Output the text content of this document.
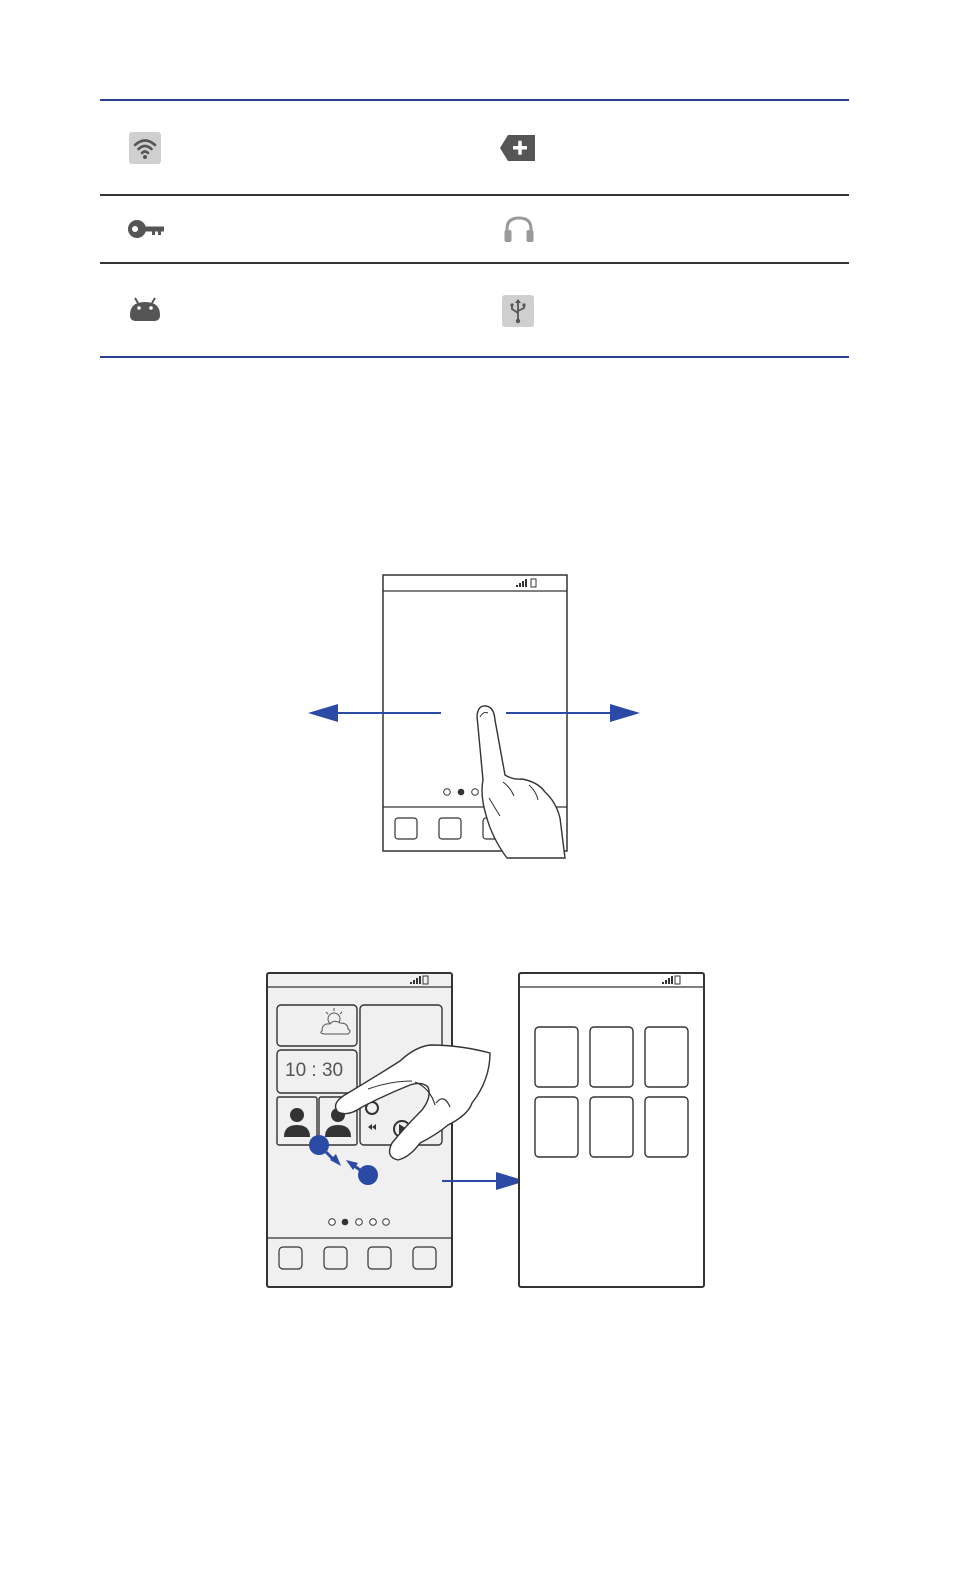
10 : 30
